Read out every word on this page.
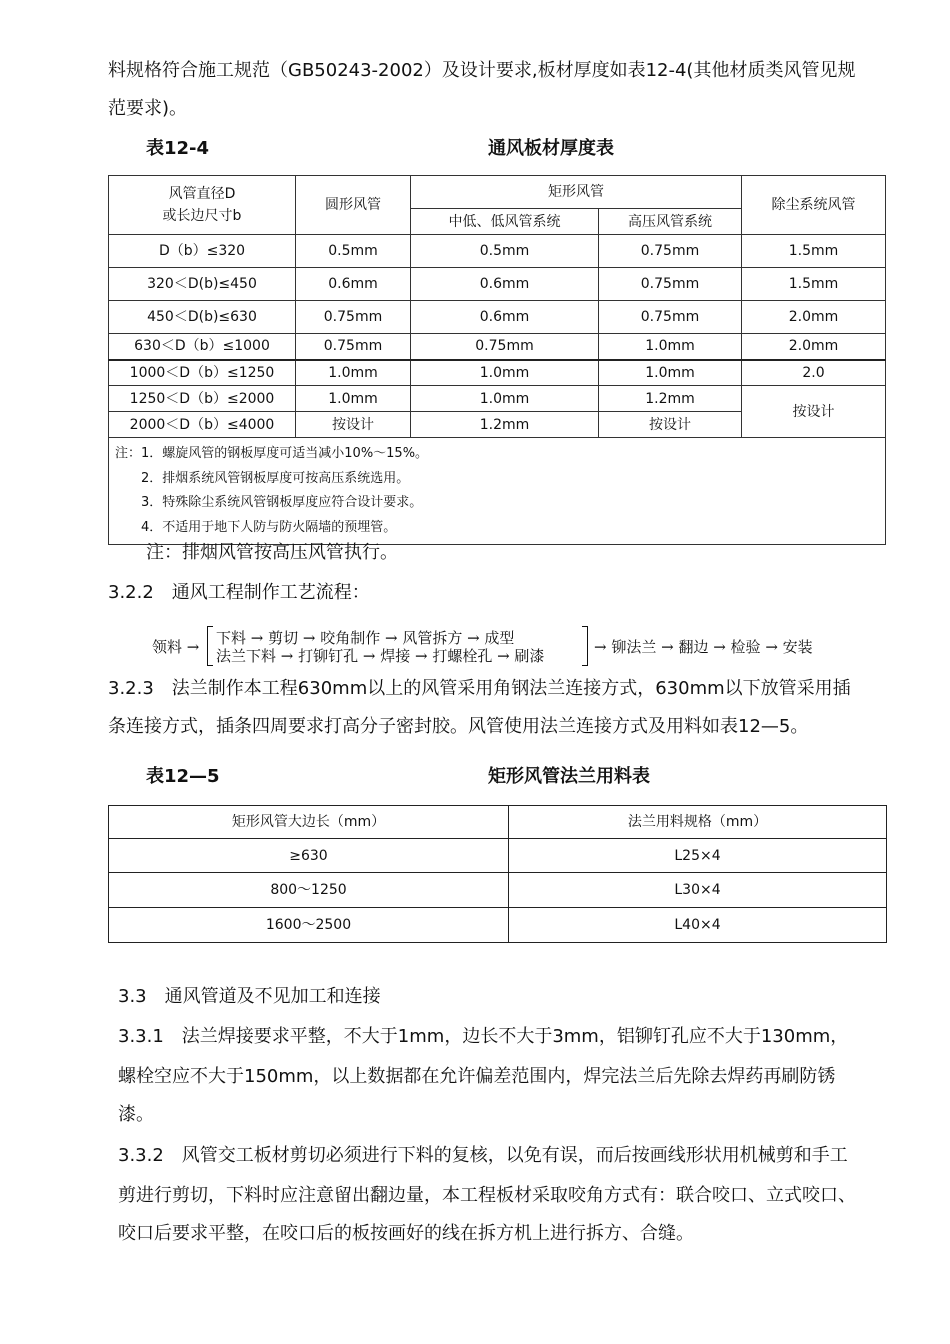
料规格符合施工规范（GB50243-2002）及设计要求,板材厚度如表12-4(其他材质类风管见规
范要求)。
表12-4	通风板材厚度表
风管直径D
或长边尺寸b	圆形风管	矩形风管		除尘系统风管
		中低、低风管系统	高压风管系统	
D（b）≤320	0.5mm	0.5mm	0.75mm	1.5mm
320＜D(b)≤450	0.6mm	0.6mm	0.75mm	1.5mm
450＜D(b)≤630	0.75mm	0.6mm	0.75mm	2.0mm
630＜D（b）≤1000	0.75mm	0.75mm	1.0mm	2.0mm
1000＜D（b）≤1250	1.0mm	1.0mm	1.0mm	2.0
1250＜D（b）≤2000	1.0mm	1.0mm	1.2mm	按设计
2000＜D（b）≤4000	按设计	1.2mm	按设计	

注：1．螺旋风管的钢板厚度可适当减小10%～15%。
2．排烟系统风管钢板厚度可按高压系统选用。
3．特殊除尘系统风管钢板厚度应符合设计要求。
4．不适用于地下人防与防火隔墙的预埋管。				
注：排烟风管按高压风管执行。
3.2.2　通风工程制作工艺流程：
领料 → 下料 → 剪切 → 咬角制作 → 风管拆方 → 成型
法兰下料 → 打铆钉孔 → 焊接 → 打螺栓孔 → 刷漆	→ 铆法兰 → 翻边 → 检验 → 安装
3.2.3　法兰制作本工程630mm以上的风管采用角钢法兰连接方式，630mm以下放管采用插
条连接方式，插条四周要求打高分子密封胶。风管使用法兰连接方式及用料如表12—5。
表12—5	矩形风管法兰用料表
矩形风管大边长（mm）	法兰用料规格（mm）
≥630	L25×4
800～1250	L30×4
1600～2500	L40×4
3.3　通风管道及不见加工和连接
3.3.1　法兰焊接要求平整，不大于1mm，边长不大于3mm，铝铆钉孔应不大于130mm，
螺栓空应不大于150mm，以上数据都在允许偏差范围内，焊完法兰后先除去焊药再刷防锈
漆。
3.3.2　风管交工板材剪切必须进行下料的复核，以免有误，而后按画线形状用机械剪和手工
剪进行剪切，下料时应注意留出翻边量，本工程板材采取咬角方式有：联合咬口、立式咬口、
咬口后要求平整，在咬口后的板按画好的线在拆方机上进行拆方、合缝。
